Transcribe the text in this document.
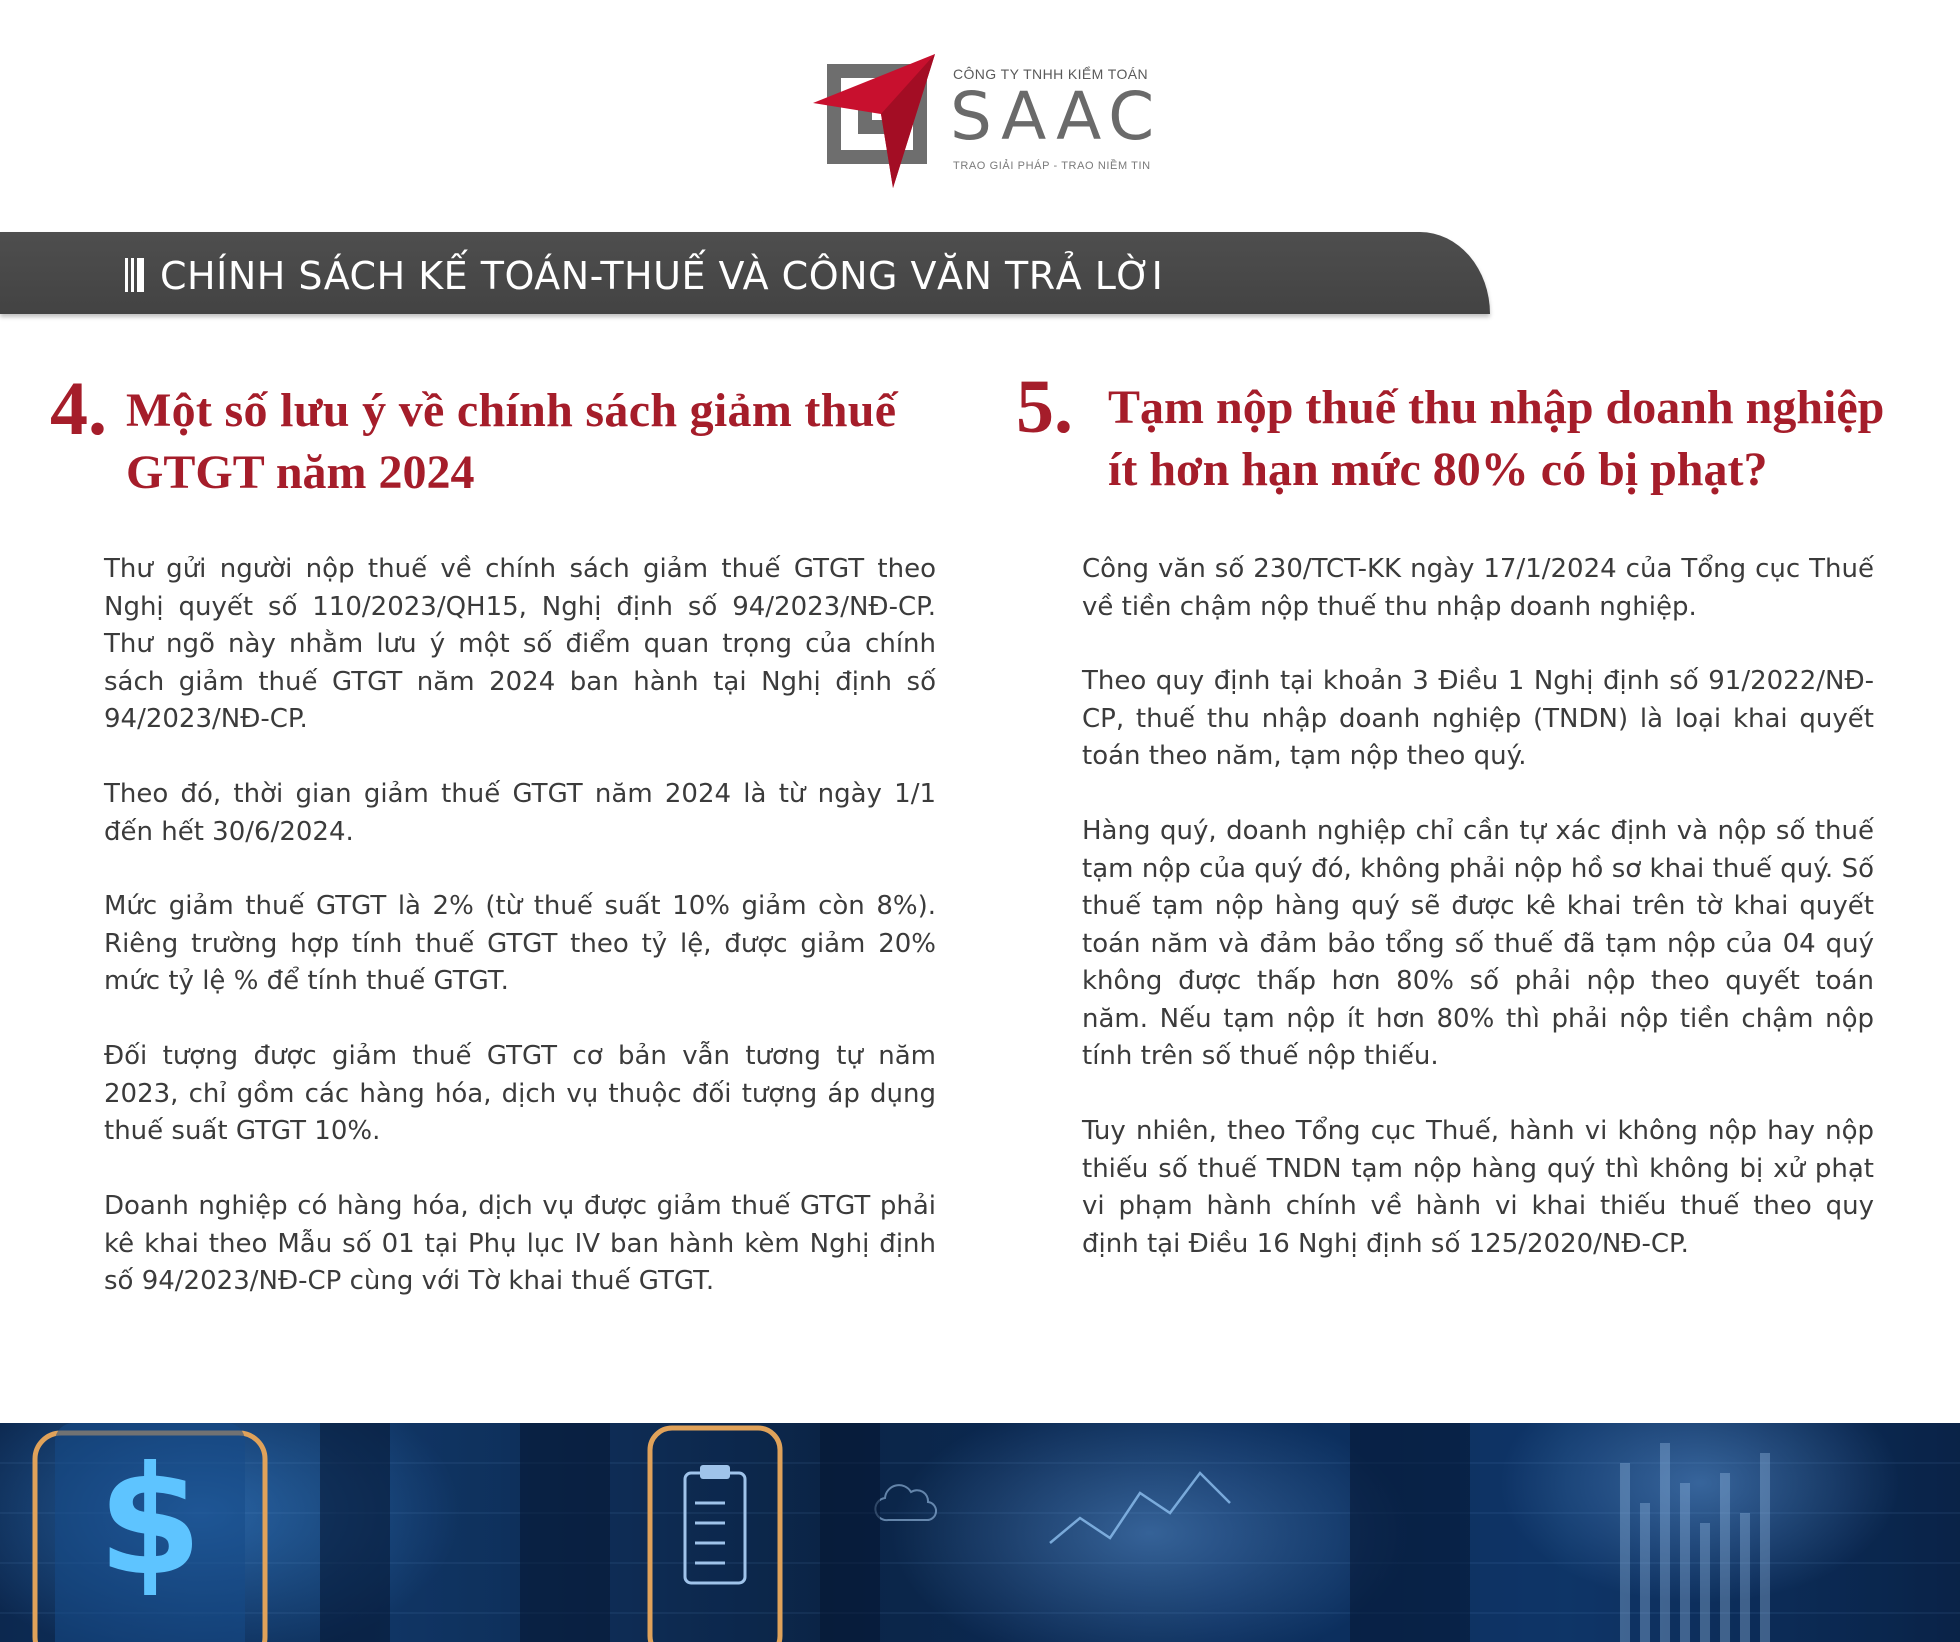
CÔNG TY TNHH KIỂM TOÁN
SAAC
TRAO GIẢI PHÁP - TRAO NIỀM TIN
CHÍNH SÁCH KẾ TOÁN-THUẾ VÀ CÔNG VĂN TRẢ LỜI
4. Một số lưu ý về chính sách giảm thuế
GTGT năm 2024

Thư gửi người nộp thuế về chính sách giảm thuế GTGT theo Nghị quyết số 110/2023/QH15, Nghị định số 94/2023/NĐ-CP. Thư ngõ này nhằm lưu ý một số điểm quan trọng của chính sách giảm thuế GTGT năm 2024 ban hành tại Nghị định số 94/2023/NĐ-CP.

Theo đó, thời gian giảm thuế GTGT năm 2024 là từ ngày 1/1 đến hết 30/6/2024.

Mức giảm thuế GTGT là 2% (từ thuế suất 10% giảm còn 8%). Riêng trường hợp tính thuế GTGT theo tỷ lệ, được giảm 20% mức tỷ lệ % để tính thuế GTGT.

Đối tượng được giảm thuế GTGT cơ bản vẫn tương tự năm 2023, chỉ gồm các hàng hóa, dịch vụ thuộc đối tượng áp dụng thuế suất GTGT 10%.

Doanh nghiệp có hàng hóa, dịch vụ được giảm thuế GTGT phải kê khai theo Mẫu số 01 tại Phụ lục IV ban hành kèm Nghị định số 94/2023/NĐ-CP cùng với Tờ khai thuế GTGT.

5. Tạm nộp thuế thu nhập doanh nghiệp
ít hơn hạn mức 80% có bị phạt?

Công văn số 230/TCT-KK ngày 17/1/2024 của Tổng cục Thuế về tiền chậm nộp thuế thu nhập doanh nghiệp.

Theo quy định tại khoản 3 Điều 1 Nghị định số 91/2022/NĐ-CP, thuế thu nhập doanh nghiệp (TNDN) là loại khai quyết toán theo năm, tạm nộp theo quý.

Hàng quý, doanh nghiệp chỉ cần tự xác định và nộp số thuế tạm nộp của quý đó, không phải nộp hồ sơ khai thuế quý. Số thuế tạm nộp hàng quý sẽ được kê khai trên tờ khai quyết toán năm và đảm bảo tổng số thuế đã tạm nộp của 04 quý không được thấp hơn 80% số phải nộp theo quyết toán năm. Nếu tạm nộp ít hơn 80% thì phải nộp tiền chậm nộp tính trên số thuế nộp thiếu.

Tuy nhiên, theo Tổng cục Thuế, hành vi không nộp hay nộp thiếu số thuế TNDN tạm nộp hàng quý thì không bị xử phạt vi phạm hành chính về hành vi khai thiếu thuế theo quy định tại Điều 16 Nghị định số 125/2020/NĐ-CP.

$
